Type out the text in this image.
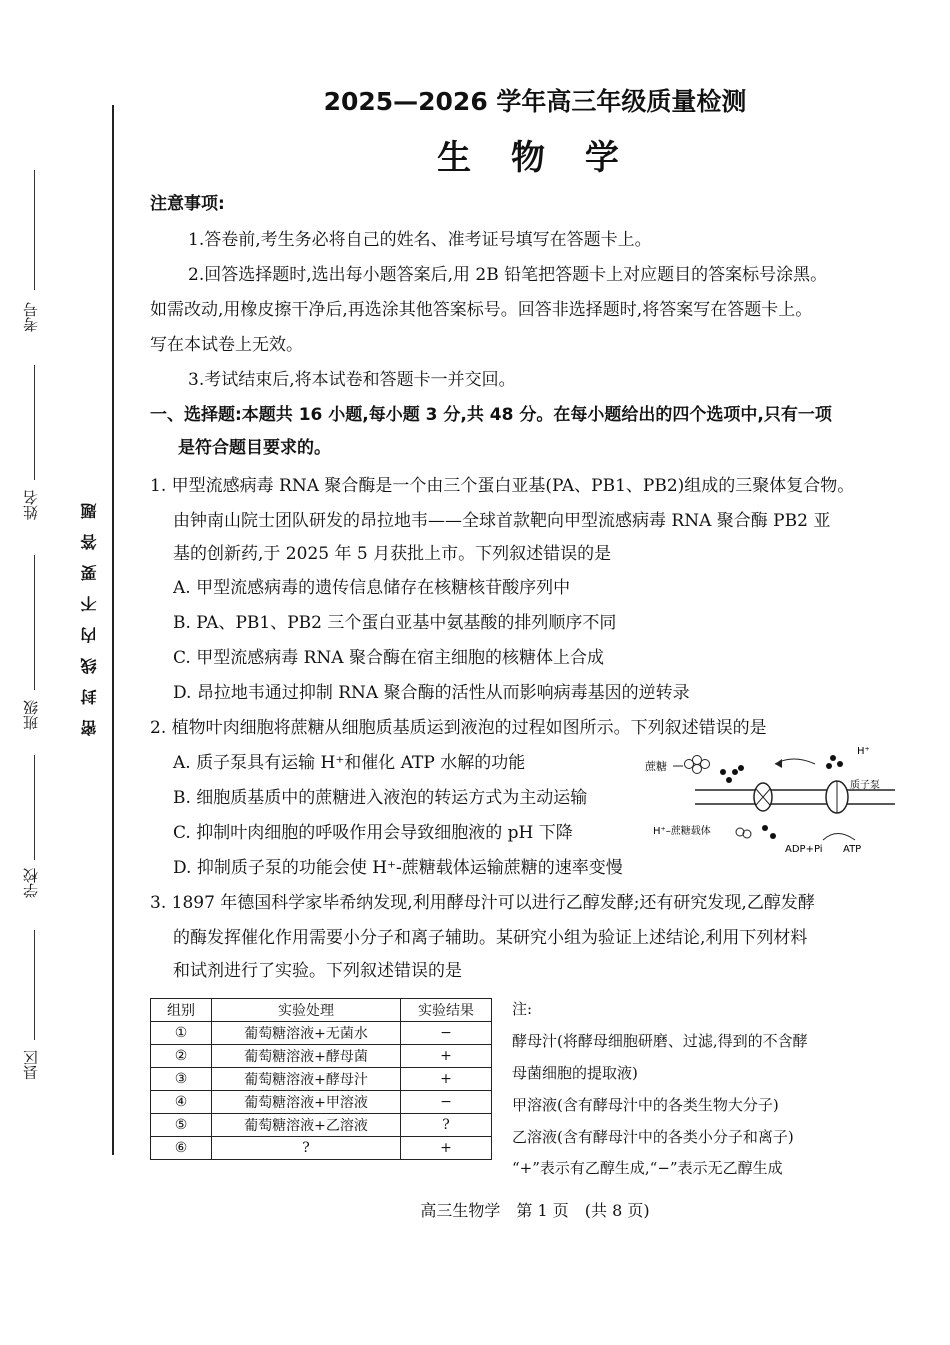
考号
姓名
班级
学校
县区
密封线内不要答题
2025—2026 学年高三年级质量检测
生 物 学
注意事项:
1.答卷前,考生务必将自己的姓名、准考证号填写在答题卡上。
2.回答选择题时,选出每小题答案后,用 2B 铅笔把答题卡上对应题目的答案标号涂黑。
如需改动,用橡皮擦干净后,再选涂其他答案标号。回答非选择题时,将答案写在答题卡上。
写在本试卷上无效。
3.考试结束后,将本试卷和答题卡一并交回。
一、选择题:本题共 16 小题,每小题 3 分,共 48 分。在每小题给出的四个选项中,只有一项
是符合题目要求的。
1. 甲型流感病毒 RNA 聚合酶是一个由三个蛋白亚基(PA、PB1、PB2)组成的三聚体复合物。
由钟南山院士团队研发的昂拉地韦——全球首款靶向甲型流感病毒 RNA 聚合酶 PB2 亚
基的创新药,于 2025 年 5 月获批上市。下列叙述错误的是
A. 甲型流感病毒的遗传信息储存在核糖核苷酸序列中
B. PA、PB1、PB2 三个蛋白亚基中氨基酸的排列顺序不同
C. 甲型流感病毒 RNA 聚合酶在宿主细胞的核糖体上合成
D. 昂拉地韦通过抑制 RNA 聚合酶的活性从而影响病毒基因的逆转录
2. 植物叶肉细胞将蔗糖从细胞质基质运到液泡的过程如图所示。下列叙述错误的是
A. 质子泵具有运输 H⁺和催化 ATP 水解的功能
B. 细胞质基质中的蔗糖进入液泡的转运方式为主动运输
C. 抑制叶肉细胞的呼吸作用会导致细胞液的 pH 下降
D. 抑制质子泵的功能会使 H⁺-蔗糖载体运输蔗糖的速率变慢
蔗糖
H⁺
质子泵
H⁺–蔗糖载体
ADP+Pi ATP
3. 1897 年德国科学家毕希纳发现,利用酵母汁可以进行乙醇发酵;还有研究发现,乙醇发酵
的酶发挥催化作用需要小分子和离子辅助。某研究小组为验证上述结论,利用下列材料
和试剂进行了实验。下列叙述错误的是
组别	实验处理	实验结果
①	葡萄糖溶液+无菌水	−
②	葡萄糖溶液+酵母菌	+
③	葡萄糖溶液+酵母汁	+
④	葡萄糖溶液+甲溶液	−
⑤	葡萄糖溶液+乙溶液	?
⑥	?	+
注:
酵母汁(将酵母细胞研磨、过滤,得到的不含酵
母菌细胞的提取液)
甲溶液(含有酵母汁中的各类生物大分子)
乙溶液(含有酵母汁中的各类小分子和离子)
“+”表示有乙醇生成,“−”表示无乙醇生成
高三生物学　第 1 页　(共 8 页)
